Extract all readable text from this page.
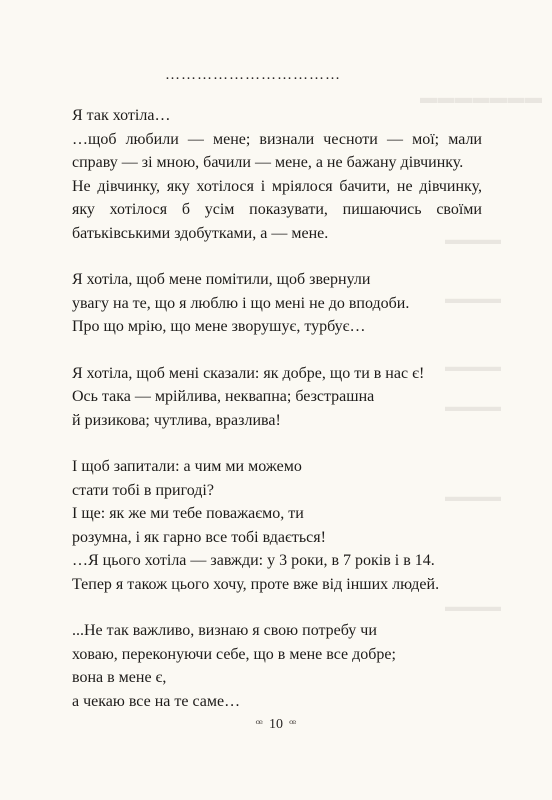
▬▬▬▬▬▬▬
▬▬▬▬
▬▬▬▬
▬▬▬▬
▬▬▬▬
▬▬▬▬
▬▬▬▬
……………………………
Я так хотіла…
…щоб любили — мене; визнали чесноти — мої; мали справу — зі мною, бачили — мене, а не бажану дівчинку.
Не дівчинку, яку хотілося і мріялося бачити, не дівчинку, яку хотілося б усім показувати, пишаючись своїми батьківськими здобутками, а — мене.
Я хотіла, щоб мене помітили, щоб звернули
увагу на те, що я люблю і що мені не до вподоби.
Про що мрію, що мене зворушує, турбує…
Я хотіла, щоб мені сказали: як добре, що ти в нас є!
Ось така — мрійлива, неквапна; безстрашна
й ризикова; чутлива, вразлива!
І щоб запитали: а чим ми можемо
стати тобі в пригоді?
І ще: як же ми тебе поважаємо, ти
розумна, і як гарно все тобі вдається!
…Я цього хотіла — завжди: у 3 роки, в 7 років і в 14.
Тепер я також цього хочу, проте вже від інших людей.
...Не так важливо, визнаю я свою потребу чи
ховаю, переконуючи себе, що в мене все добре;
вона в мене є,
а чекаю все на те саме…
ꟹ 10 ꟹ
